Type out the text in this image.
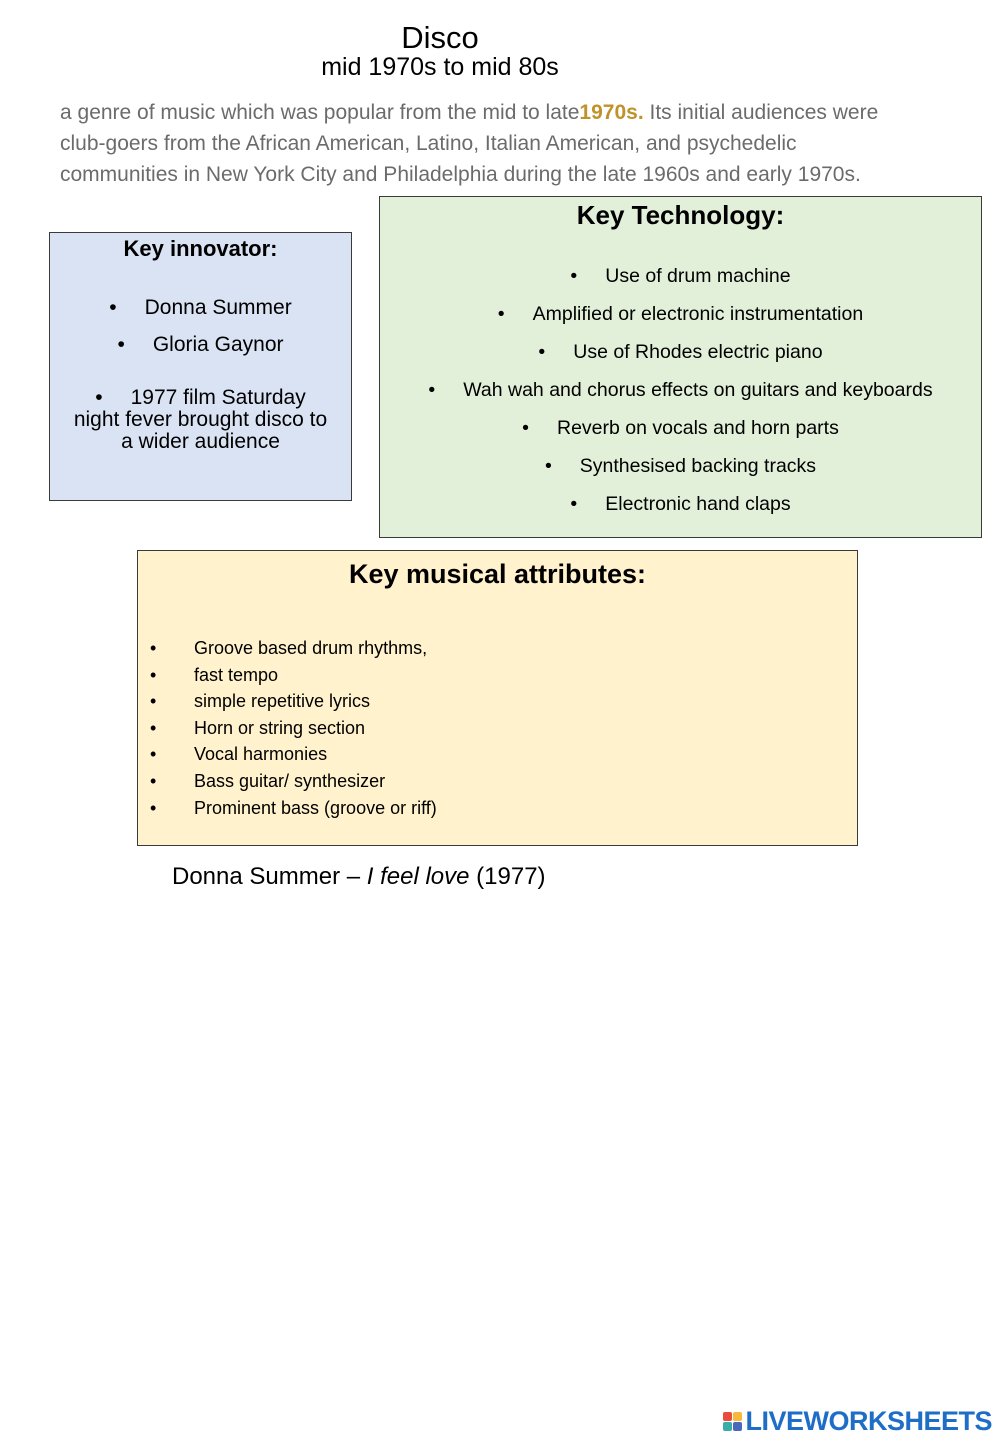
Disco
mid 1970s to mid 80s
a genre of music which was popular from the mid to late1970s. Its initial audiences were club-goers from the African American, Latino, Italian American, and psychedelic communities in New York City and Philadelphia during the late 1960s and early 1970s.
Key innovator:
• Donna Summer
• Gloria Gaynor
• 1977 film Saturday night fever brought disco to a wider audience
Key Technology:
• Use of drum machine
• Amplified or electronic instrumentation
• Use of Rhodes electric piano
• Wah wah and chorus effects on guitars and keyboards
• Reverb on vocals and horn parts
• Synthesised backing tracks
• Electronic hand claps
Key musical attributes:
• Groove based drum rhythms,
• fast tempo
• simple repetitive lyrics
• Horn or string section
• Vocal harmonies
• Bass guitar/ synthesizer
• Prominent bass (groove or riff)
Donna Summer – I feel love (1977)
LIVEWORKSHEETS
